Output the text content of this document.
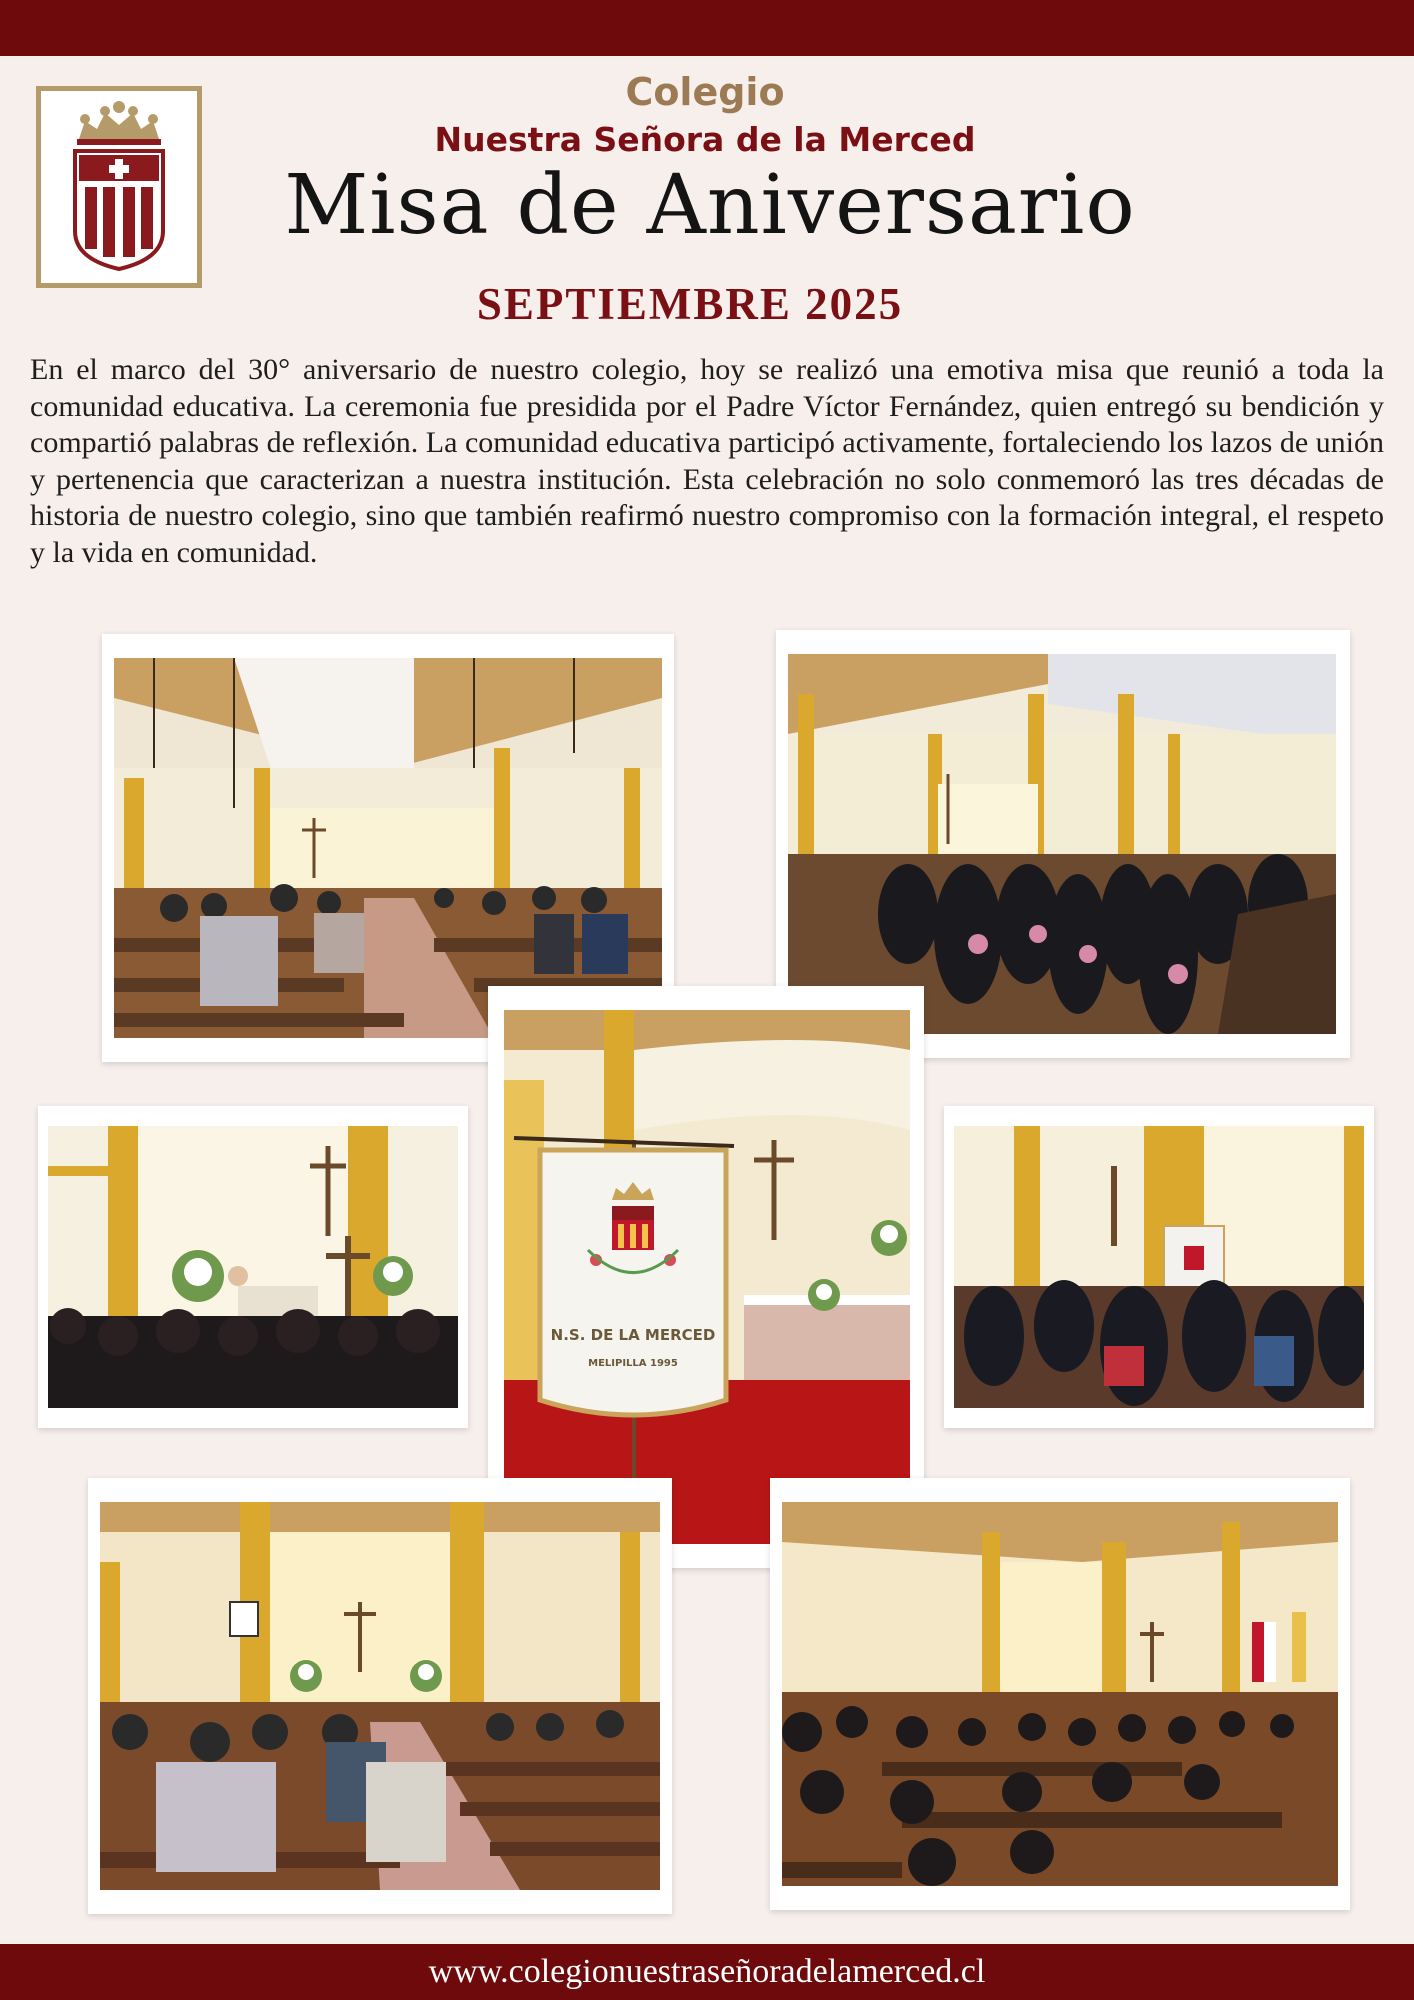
Colegio
Nuestra Señora de la Merced
Misa de Aniversario
SEPTIEMBRE 2025

En el marco del 30° aniversario de nuestro colegio, hoy se realizó una emotiva misa que reunió a toda la comunidad educativa. La ceremonia fue presidida por el Padre Víctor Fernández, quien entregó su bendición y compartió palabras de reflexión. La comunidad educativa participó activamente, fortaleciendo los lazos de unión y pertenencia que caracterizan a nuestra institución. Esta celebración no solo conmemoró las tres décadas de historia de nuestro colegio, sino que también reafirmó nuestro compromiso con la formación integral, el respeto y la vida en comunidad.

N.S. DE LA MERCED
MELIPILLA 1995
www.colegionuestraseñoradelamerced.cl
